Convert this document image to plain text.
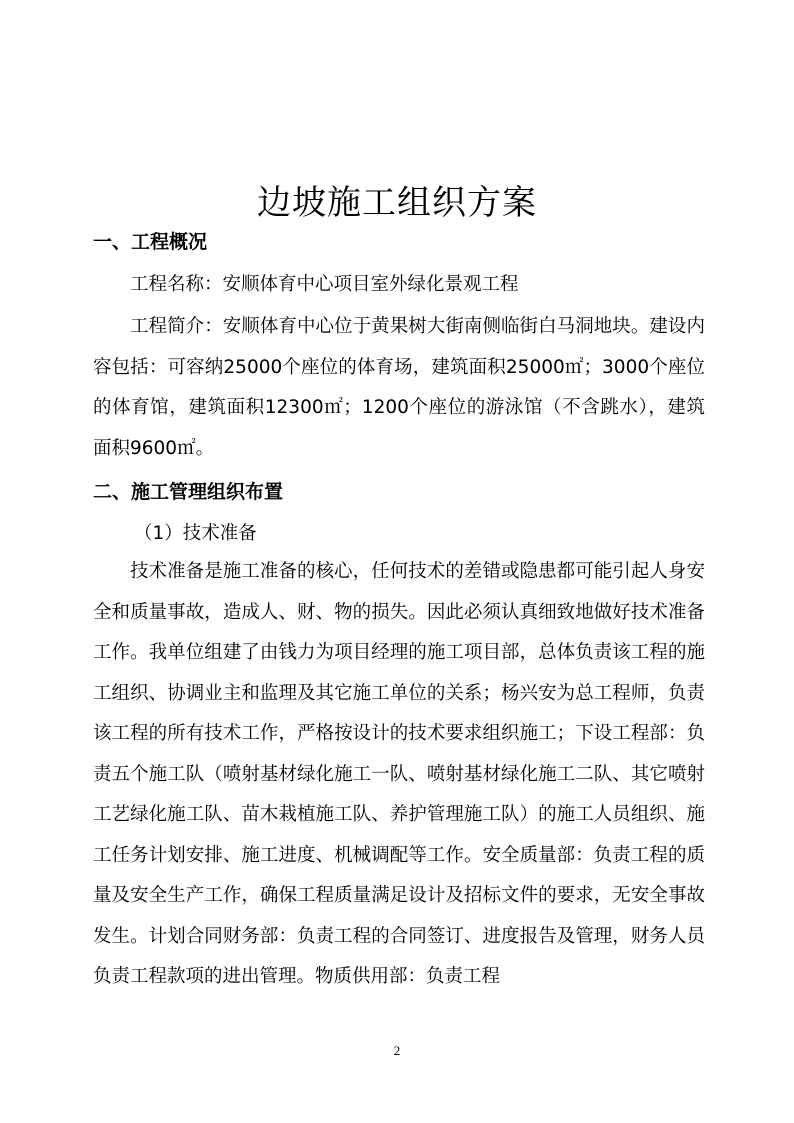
边坡施工组织方案
一、工程概况

工程名称：安顺体育中心项目室外绿化景观工程

工程简介：安顺体育中心位于黄果树大街南侧临街白马洞地块。建设内容包括：可容纳25000个座位的体育场，建筑面积25000㎡；3000个座位的体育馆，建筑面积12300㎡；1200个座位的游泳馆（不含跳水），建筑面积9600㎡。

二、施工管理组织布置

（1）技术准备

技术准备是施工准备的核心，任何技术的差错或隐患都可能引起人身安全和质量事故，造成人、财、物的损失。因此必须认真细致地做好技术准备工作。我单位组建了由钱力为项目经理的施工项目部，总体负责该工程的施工组织、协调业主和监理及其它施工单位的关系；杨兴安为总工程师，负责该工程的所有技术工作，严格按设计的技术要求组织施工；下设工程部：负责五个施工队（喷射基材绿化施工一队、喷射基材绿化施工二队、其它喷射工艺绿化施工队、苗木栽植施工队、养护管理施工队）的施工人员组织、施工任务计划安排、施工进度、机械调配等工作。安全质量部：负责工程的质量及安全生产工作，确保工程质量满足设计及招标文件的要求，无安全事故发生。计划合同财务部：负责工程的合同签订、进度报告及管理，财务人员负责工程款项的进出管理。物质供用部：负责工程

2
